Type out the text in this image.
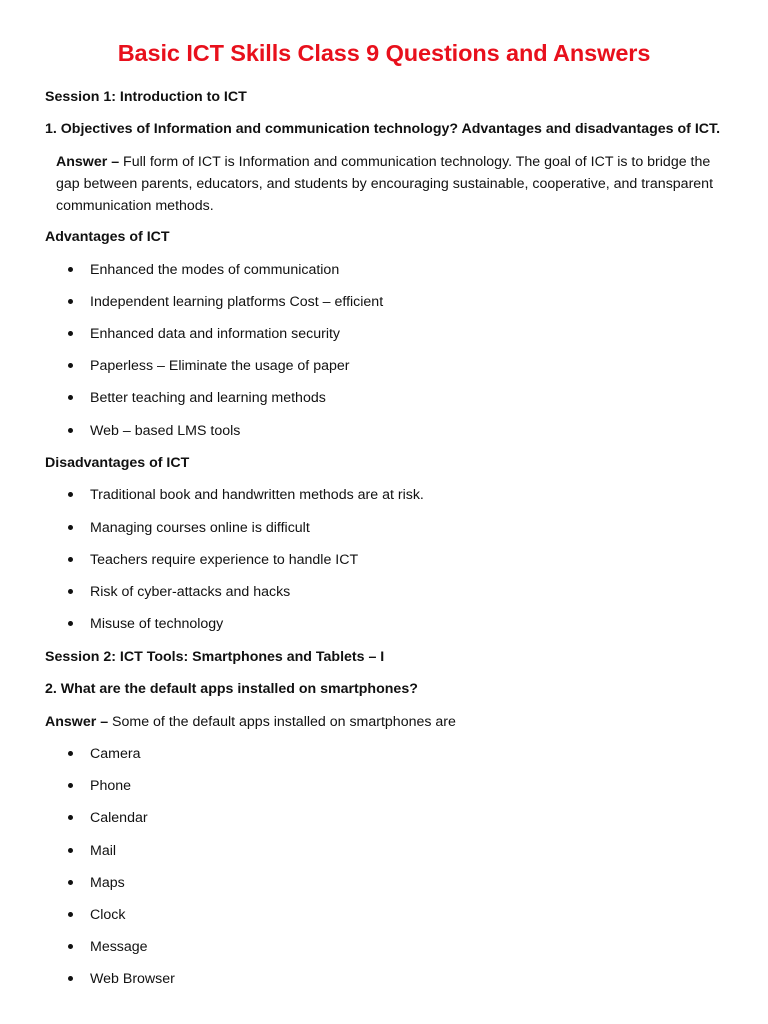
Basic ICT Skills Class 9 Questions and Answers

Session 1: Introduction to ICT

1. Objectives of Information and communication technology? Advantages and disadvantages of ICT.

Answer – Full form of ICT is Information and communication technology. The goal of ICT is to bridge the gap between parents, educators, and students by encouraging sustainable, cooperative, and transparent communication methods.

Advantages of ICT

Enhanced the modes of communication
Independent learning platforms Cost – efficient
Enhanced data and information security
Paperless – Eliminate the usage of paper
Better teaching and learning methods
Web – based LMS tools

Disadvantages of ICT

Traditional book and handwritten methods are at risk.
Managing courses online is difficult
Teachers require experience to handle ICT
Risk of cyber-attacks and hacks
Misuse of technology

Session 2: ICT Tools: Smartphones and Tablets – I

2. What are the default apps installed on smartphones?

Answer – Some of the default apps installed on smartphones are

Camera
Phone
Calendar
Mail
Maps
Clock
Message
Web Browser
